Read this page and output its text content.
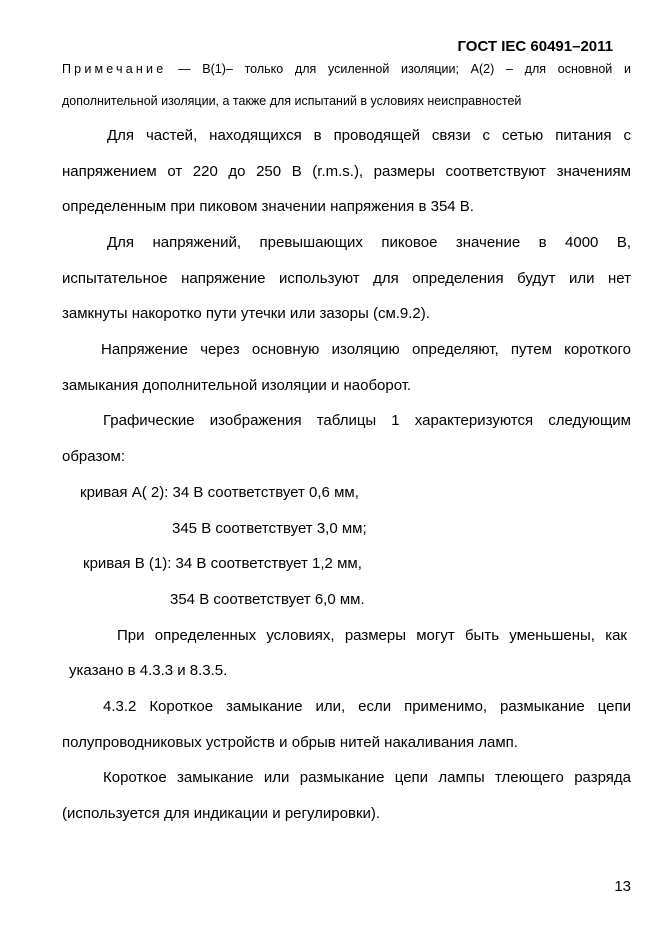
ГОСТ IEC 60491–2011
Примечание — В(1)– только для усиленной изоляции; А(2) – для основной и
дополнительной изоляции, а также для испытаний в условиях неисправностей
Для частей, находящихся в проводящей связи с сетью питания с
напряжением от 220 до 250 В (r.m.s.), размеры соответствуют значениям
определенным при пиковом значении напряжения в 354 В.
Для напряжений, превышающих пиковое значение в 4000 В,
испытательное напряжение используют для определения будут или нет
замкнуты накоротко пути утечки или зазоры (см.9.2).
Напряжение через основную изоляцию определяют, путем короткого
замыкания дополнительной изоляции и наоборот.
Графические изображения таблицы 1 характеризуются следующим
образом:
кривая А( 2): 34 В соответствует 0,6 мм,
345 В соответствует 3,0 мм;
кривая В (1): 34 В соответствует 1,2 мм,
354 В соответствует 6,0 мм.
При определенных условиях, размеры могут быть уменьшены, как
указано в 4.3.3 и 8.3.5.
4.3.2 Короткое замыкание или, если применимо, размыкание цепи
полупроводниковых устройств и обрыв нитей накаливания ламп.
Короткое замыкание или размыкание цепи лампы тлеющего разряда
(используется для индикации и регулировки).
13
